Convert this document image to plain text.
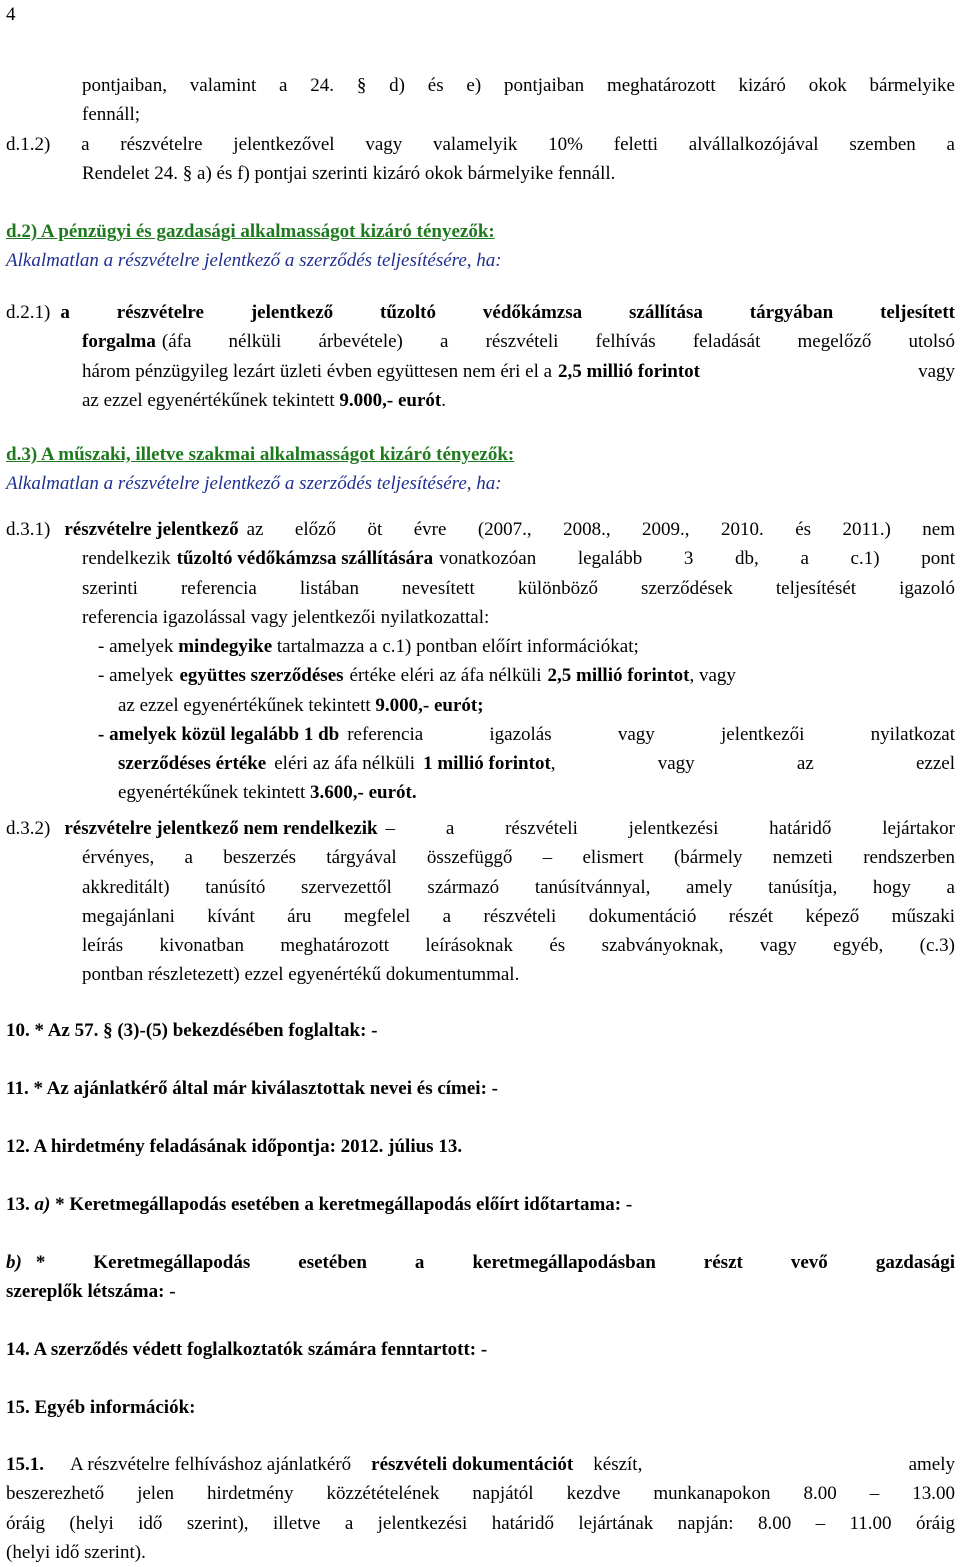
4
pontjaiban, valamint a 24. § d) és e) pontjaiban meghatározott kizáró okok bármelyike
fennáll;
d.1.2) a részvételre jelentkezővel vagy valamelyik 10% feletti alvállalkozójával szemben a
Rendelet 24. § a) és f) pontjai szerinti kizáró okok bármelyike fennáll.
d.2) A pénzügyi és gazdasági alkalmasságot kizáró tényezők:
Alkalmatlan a részvételre jelentkező a szerződés teljesítésére, ha:
d.2.1) a részvételre jelentkező tűzoltó védőkámzsa szállítása tárgyában teljesített
forgalma (áfa nélküli árbevétele) a részvételi felhívás feladását megelőző utolsó
három pénzügyileg lezárt üzleti évben együttesen nem éri el a 2,5 millió forintot	vagy
az ezzel egyenértékűnek tekintett 9.000,- eurót.
d.3) A műszaki, illetve szakmai alkalmasságot kizáró tényezők:
Alkalmatlan a részvételre jelentkező a szerződés teljesítésére, ha:
d.3.1) részvételre jelentkező az előző öt évre (2007., 2008., 2009., 2010. és 2011.) nem
rendelkezik tűzoltó védőkámzsa szállítására vonatkozóan legalább 3 db, a c.1) pont
szerinti referencia listában nevesített különböző szerződések teljesítését igazoló
referencia igazolással vagy jelentkezői nyilatkozattal:
- amelyek mindegyike tartalmazza a c.1) pontban előírt információkat;
- amelyek együttes szerződéses értéke eléri az áfa nélküli 2,5 millió forintot , vagy
az ezzel egyenértékűnek tekintett 9.000,- eurót;
- amelyek közül legalább 1 db referencia igazolás vagy jelentkezői nyilatkozat
szerződéses értéke eléri az áfa nélküli 1 millió forintot , vagy az ezzel
egyenértékűnek tekintett 3.600,- eurót.
d.3.2) részvételre jelentkező nem rendelkezik – a részvételi jelentkezési határidő lejártakor
érvényes, a beszerzés tárgyával összefüggő – elismert (bármely nemzeti rendszerben
akkreditált) tanúsító szervezettől származó tanúsítvánnyal, amely tanúsítja, hogy a
megajánlani kívánt áru megfelel a részvételi dokumentáció részét képező műszaki
leírás kivonatban meghatározott leírásoknak és szabványoknak, vagy egyéb, (c.3)
pontban részletezett) ezzel egyenértékű dokumentummal.
10. * Az 57. § (3)-(5) bekezdésében foglaltak: -
11. * Az ajánlatkérő által már kiválasztottak nevei és címei: -
12. A hirdetmény feladásának időpontja: 2012. július 13.
13. a) * Keretmegállapodás esetében a keretmegállapodás előírt időtartama: -
b) * Keretmegállapodás esetében a keretmegállapodásban részt vevő gazdasági
szereplők létszáma: -
14. A szerződés védett foglalkoztatók számára fenntartott: -
15. Egyéb információk:
15.1. A részvételre felhíváshoz ajánlatkérő részvételi dokumentációt készít, amely
beszerezhető jelen hirdetmény közzétételének napjától kezdve munkanapokon 8.00 – 13.00
óráig (helyi idő szerint), illetve a jelentkezési határidő lejártának napján: 8.00 – 11.00 óráig
(helyi idő szerint).
